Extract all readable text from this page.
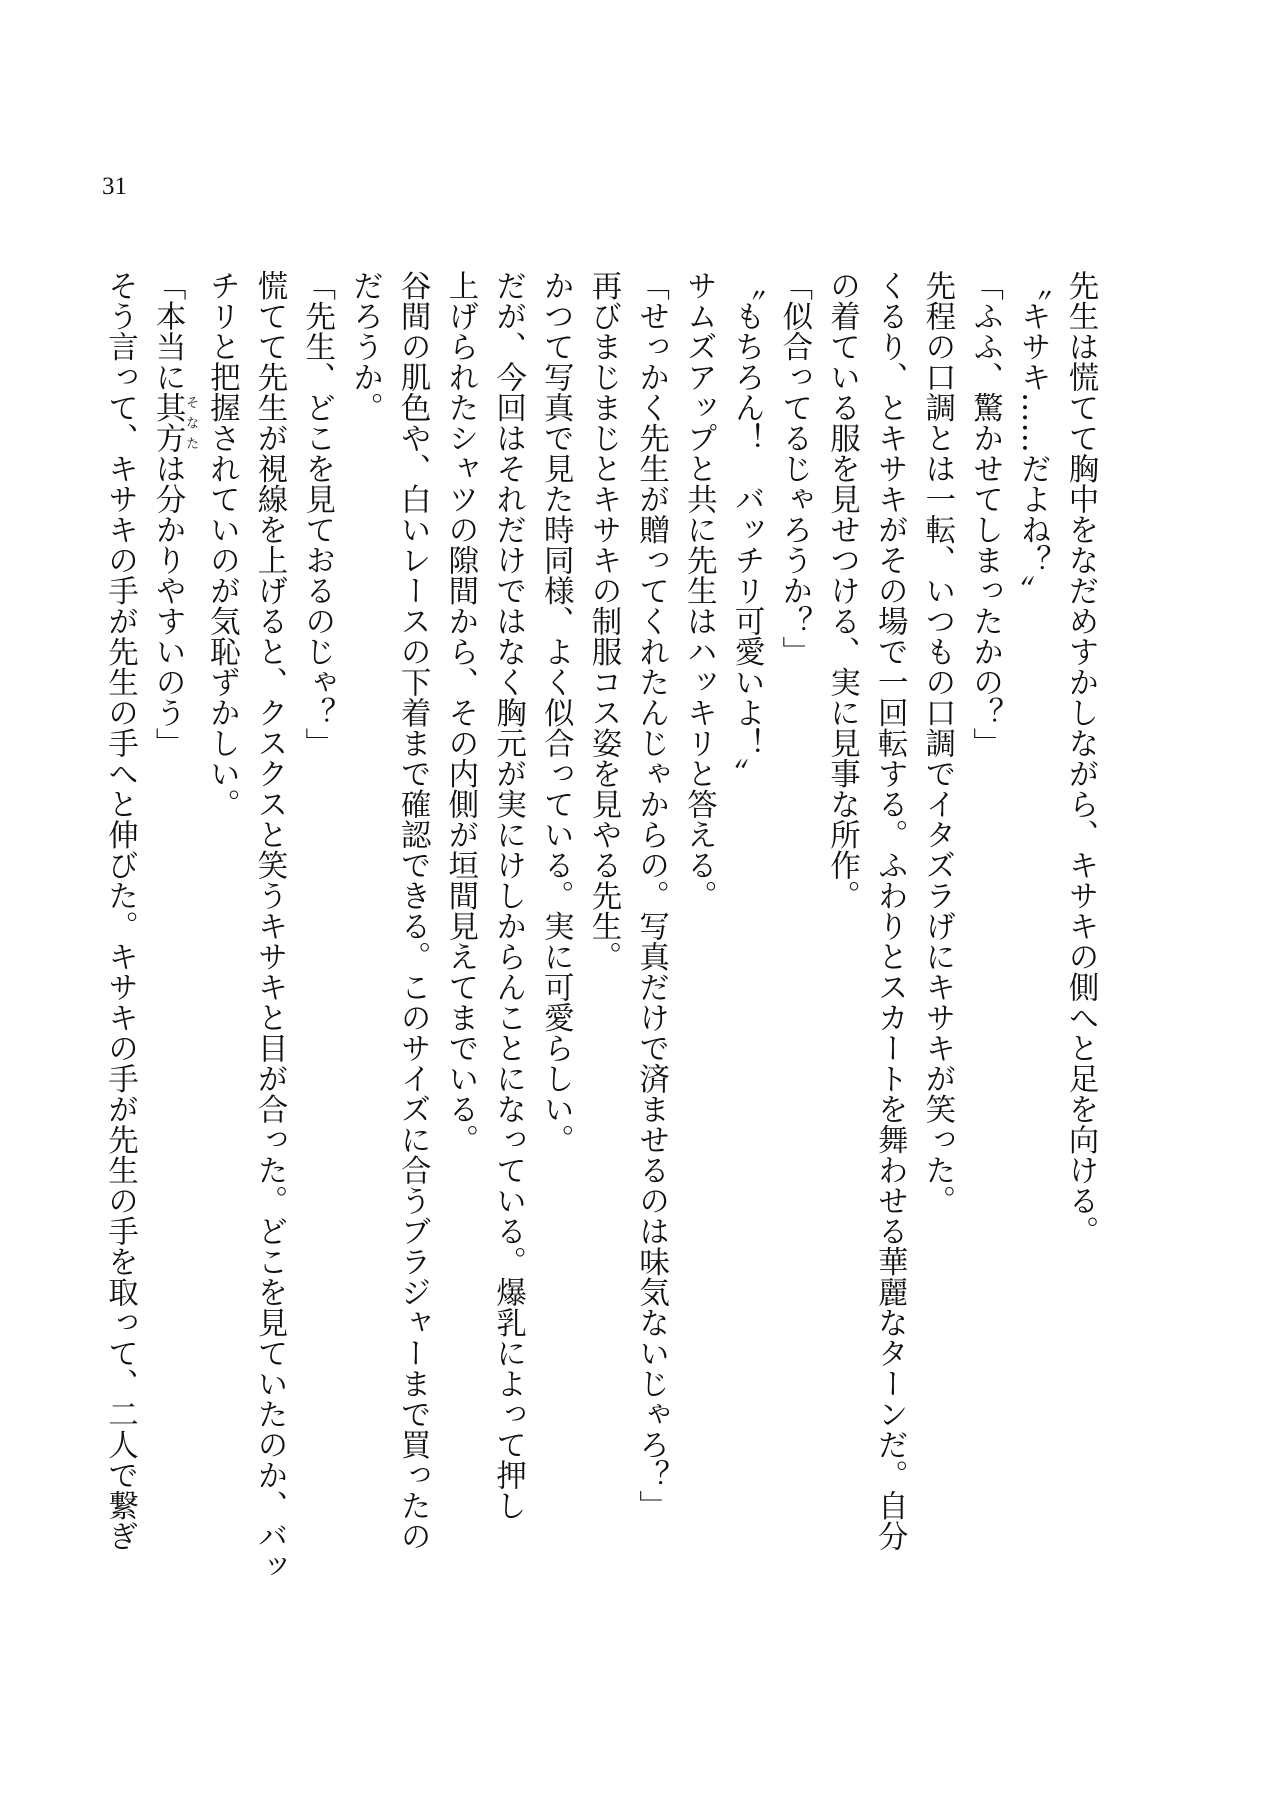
31

先生は慌てて胸中をなだめすかしながら、キサキの側へと足を向ける。

〝キサキ……だよね？〟

「ふふ、驚かせてしまったかの？」

先程の口調とは一転、いつもの口調でイタズラげにキサキが笑った。

くるり、とキサキがその場で一回転する。ふわりとスカートを舞わせる華麗なターンだ。自分

の着ている服を見せつける、実に見事な所作。

「似合ってるじゃろうか？」

〝もちろん！　バッチリ可愛いよ！〟

サムズアップと共に先生はハッキリと答える。

「せっかく先生が贈ってくれたんじゃからの。写真だけで済ませるのは味気ないじゃろ？」

再びまじまじとキサキの制服コス姿を見やる先生。

かつて写真で見た時同様、よく似合っている。実に可愛らしい。

だが、今回はそれだけではなく胸元が実にけしからんことになっている。爆乳によって押し

上げられたシャツの隙間から、その内側が垣間見えてまでいる。

谷間の肌色や、白いレースの下着まで確認できる。このサイズに合うブラジャーまで買ったの

だろうか。

「先生、どこを見ておるのじゃ？」

慌てて先生が視線を上げると、クスクスと笑うキサキと目が合った。どこを見ていたのか、バッ

チリと把握されていのが気恥ずかしい。

「本当に其方そなたは分かりやすいのう」

そう言って、キサキの手が先生の手へと伸びた。キサキの手が先生の手を取って、二人で繋ぎ
